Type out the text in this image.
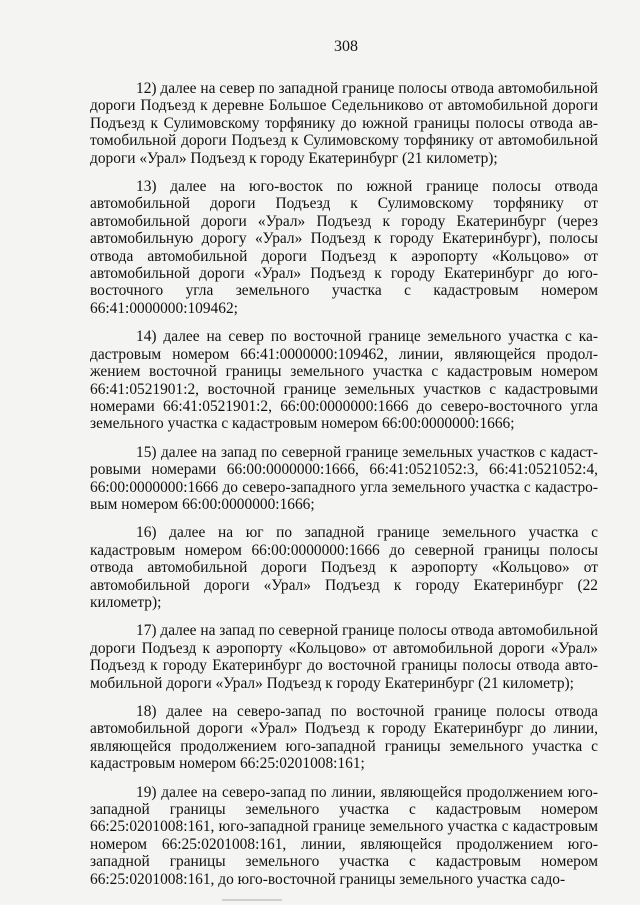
308

12) далее на север по западной границе полосы отвода автомобильной дороги Подъезд к деревне Большое Седельниково от автомобильной дороги Подъезд к Сулимовскому торфянику до южной границы полосы отвода автомобильной дороги Подъезд к Сулимовскому торфянику от автомобильной дороги «Урал» Подъезд к городу Екатеринбург (21 километр);

13) далее на юго-восток по южной границе полосы отвода автомобильной дороги Подъезд к Сулимовскому торфянику от автомобильной дороги «Урал» Подъезд к городу Екатеринбург (через автомобильную дорогу «Урал» Подъезд к городу Екатеринбург), полосы отвода автомобильной дороги Подъезд к аэропорту «Кольцово» от автомобильной дороги «Урал» Подъезд к городу Екатеринбург до юго-восточного угла земельного участка с кадастровым номером 66:41:0000000:109462;

14) далее на север по восточной границе земельного участка с кадастровым номером 66:41:0000000:109462, линии, являющейся продолжением восточной границы земельного участка с кадастровым номером 66:41:0521901:2, восточной границе земельных участков с кадастровыми номерами 66:41:0521901:2, 66:00:0000000:1666 до северо-восточного угла земельного участка с кадастровым номером 66:00:0000000:1666;

15) далее на запад по северной границе земельных участков с кадастровыми номерами 66:00:0000000:1666, 66:41:0521052:3, 66:41:0521052:4, 66:00:0000000:1666 до северо-западного угла земельного участка с кадастровым номером 66:00:0000000:1666;

16) далее на юг по западной границе земельного участка с кадастровым номером 66:00:0000000:1666 до северной границы полосы отвода автомобильной дороги Подъезд к аэропорту «Кольцово» от автомобильной дороги «Урал» Подъезд к городу Екатеринбург (22 километр);

17) далее на запад по северной границе полосы отвода автомобильной дороги Подъезд к аэропорту «Кольцово» от автомобильной дороги «Урал» Подъезд к городу Екатеринбург до восточной границы полосы отвода автомобильной дороги «Урал» Подъезд к городу Екатеринбург (21 километр);

18) далее на северо-запад по восточной границе полосы отвода автомобильной дороги «Урал» Подъезд к городу Екатеринбург до линии, являющейся продолжением юго-западной границы земельного участка с кадастровым номером 66:25:0201008:161;

19) далее на северо-запад по линии, являющейся продолжением юго-западной границы земельного участка с кадастровым номером 66:25:0201008:161, юго-западной границе земельного участка с кадастровым номером 66:25:0201008:161, линии, являющейся продолжением юго-западной границы земельного участка с кадастровым номером 66:25:0201008:161, до юго-восточной границы земельного участка садо-
